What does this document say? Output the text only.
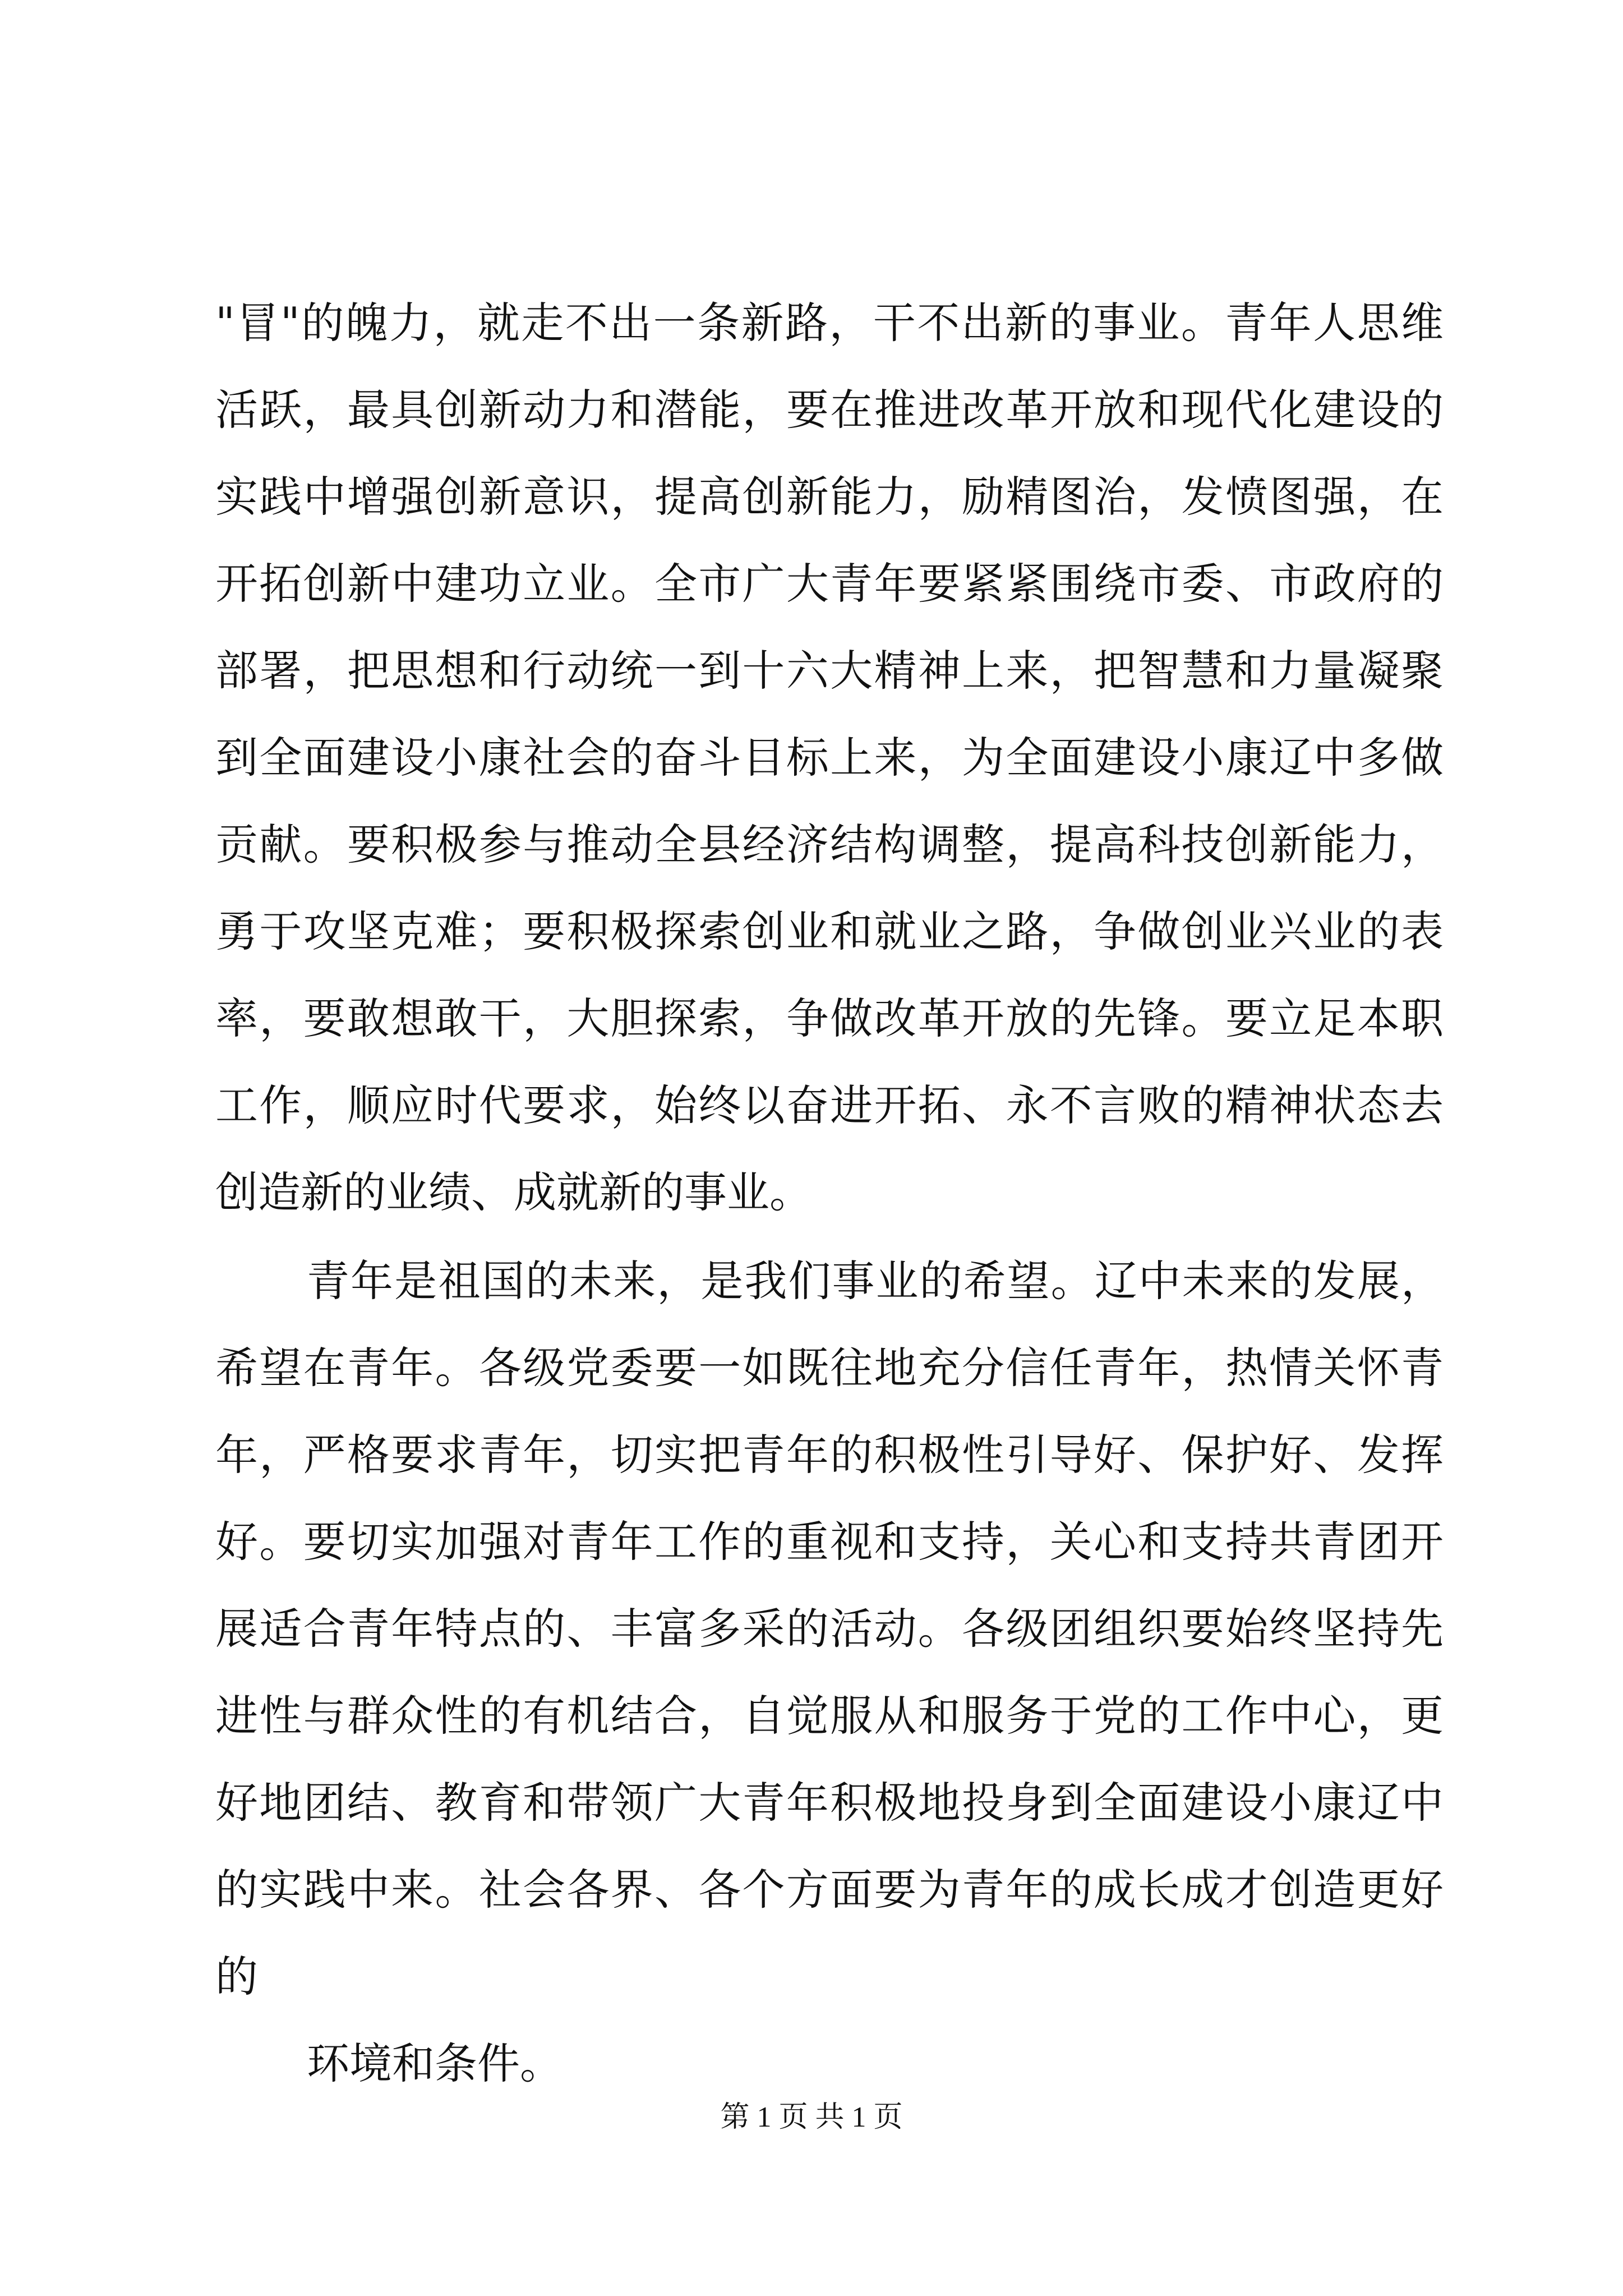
"冒"的魄力，就走不出一条新路，干不出新的事业。青年人思维
活跃，最具创新动力和潜能，要在推进改革开放和现代化建设的
实践中增强创新意识，提高创新能力，励精图治，发愤图强，在
开拓创新中建功立业。全市广大青年要紧紧围绕市委、市政府的
部署，把思想和行动统一到十六大精神上来，把智慧和力量凝聚
到全面建设小康社会的奋斗目标上来，为全面建设小康辽中多做
贡献。要积极参与推动全县经济结构调整，提高科技创新能力，
勇于攻坚克难；要积极探索创业和就业之路，争做创业兴业的表
率，要敢想敢干，大胆探索，争做改革开放的先锋。要立足本职
工作，顺应时代要求，始终以奋进开拓、永不言败的精神状态去
创造新的业绩、成就新的事业。
青年是祖国的未来，是我们事业的希望。辽中未来的发展，
希望在青年。各级党委要一如既往地充分信任青年，热情关怀青
年，严格要求青年，切实把青年的积极性引导好、保护好、发挥
好。要切实加强对青年工作的重视和支持，关心和支持共青团开
展适合青年特点的、丰富多采的活动。各级团组织要始终坚持先
进性与群众性的有机结合，自觉服从和服务于党的工作中心，更
好地团结、教育和带领广大青年积极地投身到全面建设小康辽中
的实践中来。社会各界、各个方面要为青年的成长成才创造更好
的
环境和条件。
第 1 页 共 1 页
